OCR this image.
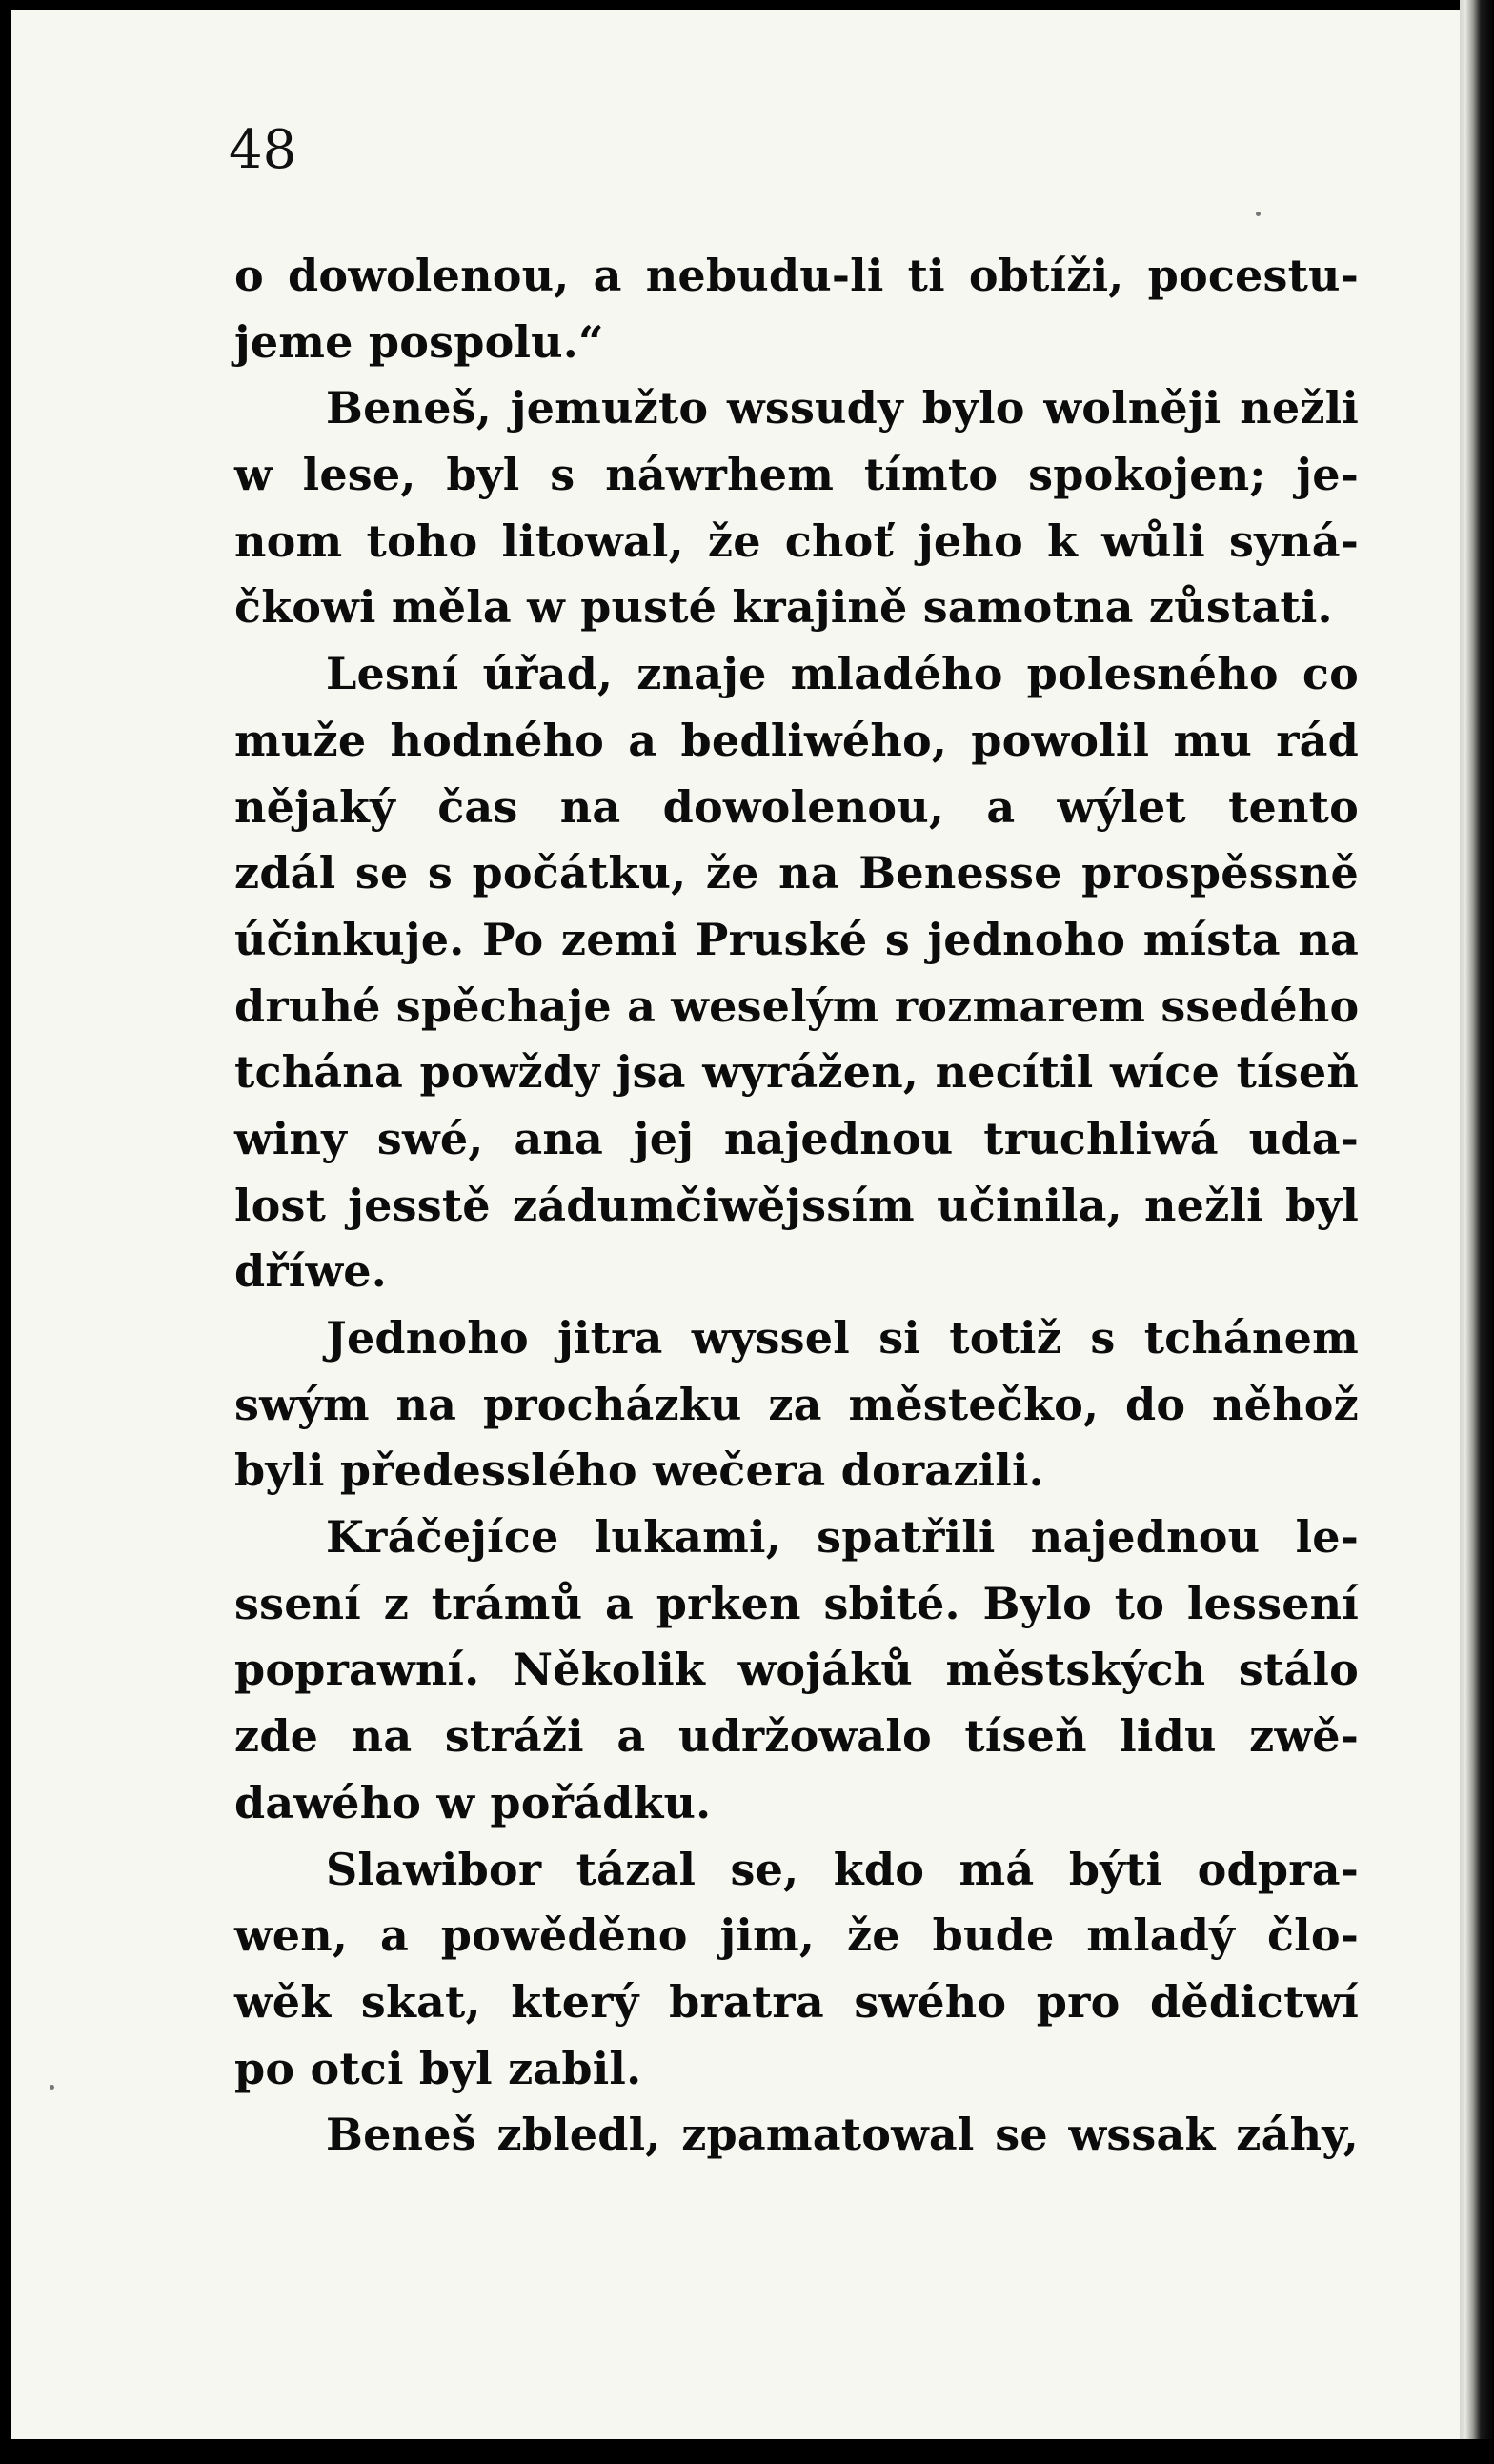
48
o dowolenou, a nebudu-li ti obtíži, pocestu-
jeme pospolu.“
Beneš, jemužto wssudy bylo wolněji nežli
w lese, byl s náwrhem tímto spokojen; je-
nom toho litowal, že choť jeho k wůli syná-
čkowi měla w pusté krajině samotna zůstati.
Lesní úřad, znaje mladého polesného co
muže hodného a bedliwého, powolil mu rád
nějaký čas na dowolenou, a wýlet tento
zdál se s počátku, že na Benesse prospěssně
účinkuje. Po zemi Pruské s jednoho místa na
druhé spěchaje a weselým rozmarem ssedého
tchána powždy jsa wyrážen, necítil wíce tíseň
winy swé, ana jej najednou truchliwá uda-
lost jesstě zádumčiwějssím učinila, nežli byl
dříwe.
Jednoho jitra wyssel si totiž s tchánem
swým na procházku za městečko, do něhož
byli předesslého wečera dorazili.
Kráčejíce lukami, spatřili najednou le-
ssení z trámů a prken sbité. Bylo to lessení
poprawní. Několik wojáků městských stálo
zde na stráži a udržowalo tíseň lidu zwě-
dawého w pořádku.
Slawibor tázal se, kdo má býti odpra-
wen, a powěděno jim, že bude mladý člo-
wěk skat, který bratra swého pro dědictwí
po otci byl zabil.
Beneš zbledl, zpamatowal se wssak záhy,
